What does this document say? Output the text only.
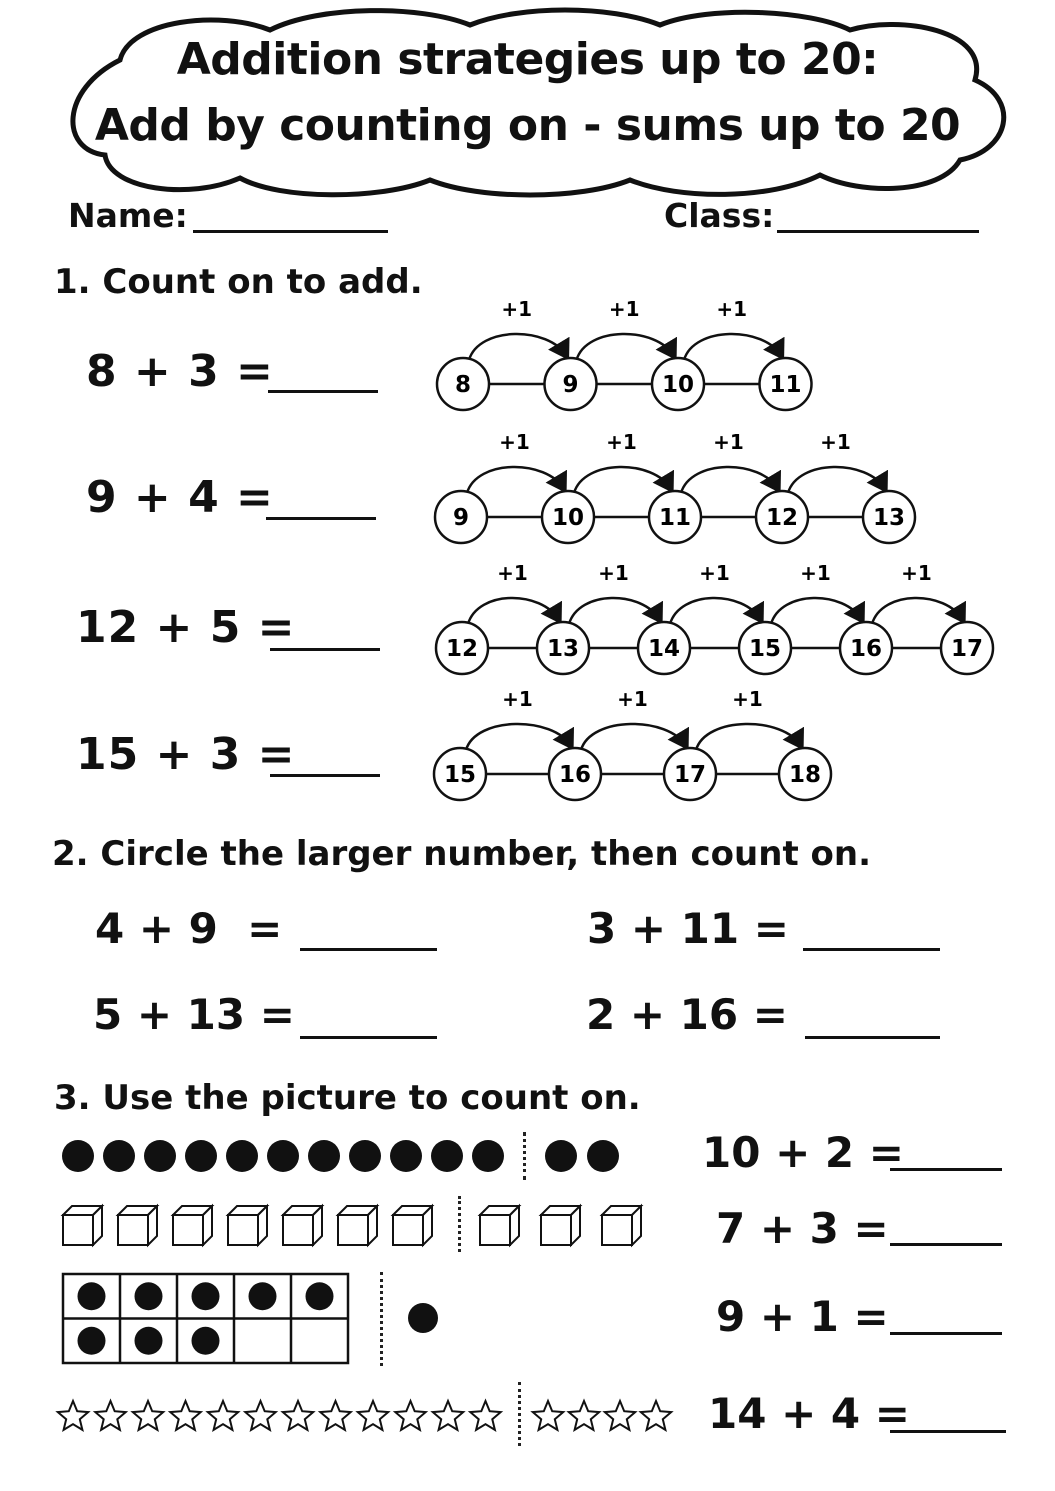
Addition strategies up to 20:
Add by counting on - sums up to 20
Name:	Class:
1. Count on to add.
8 + 3 =
+1	+1	+1
8	9	10	11
+1	+1	+1	+1
9	10	11	12	13
+1	+1	+1	+1	+1
12	13	14	15	16	17
+1	+1	+1
15	16	17	18
9 + 4 =
12 + 5 =
15 + 3 =
2. Circle the larger number, then count on.
4 + 9  =	3 + 11 =
5 + 13 =	2 + 16 =
3. Use the picture to count on.
10 + 2 =
7 + 3 =
9 + 1 =
14 + 4 =
